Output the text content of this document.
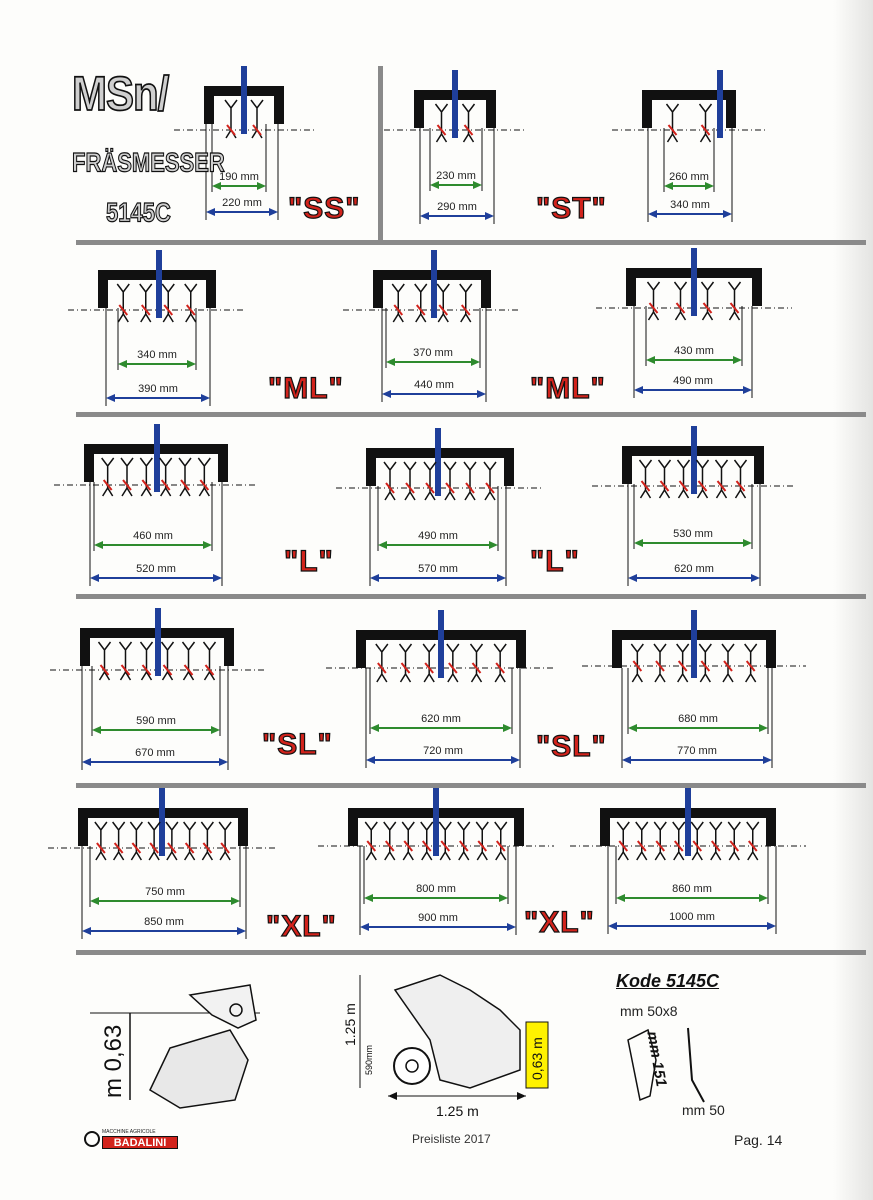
190 mm
220 mm
230 mm
290 mm
260 mm
340 mm
340 mm
390 mm
370 mm
440 mm
430 mm
490 mm
460 mm
520 mm
490 mm
570 mm
530 mm
620 mm
590 mm
670 mm
620 mm
720 mm
680 mm
770 mm
750 mm
850 mm
800 mm
900 mm
860 mm
1000 mm
MSn/
FRÄSMESSER
5145C	"SS"	"ST"
"ML"	"ML"
"L"	"L"
"SL"	"SL"
"XL"	"XL"
m 0,63
1.25 m
590mm	0,63 m
1.25 m
Kode 5145C
mm 50x8
mm 151
mm 50
MACCHINE AGRICOLE
BADALINI	Preisliste 2017	Pag. 14
